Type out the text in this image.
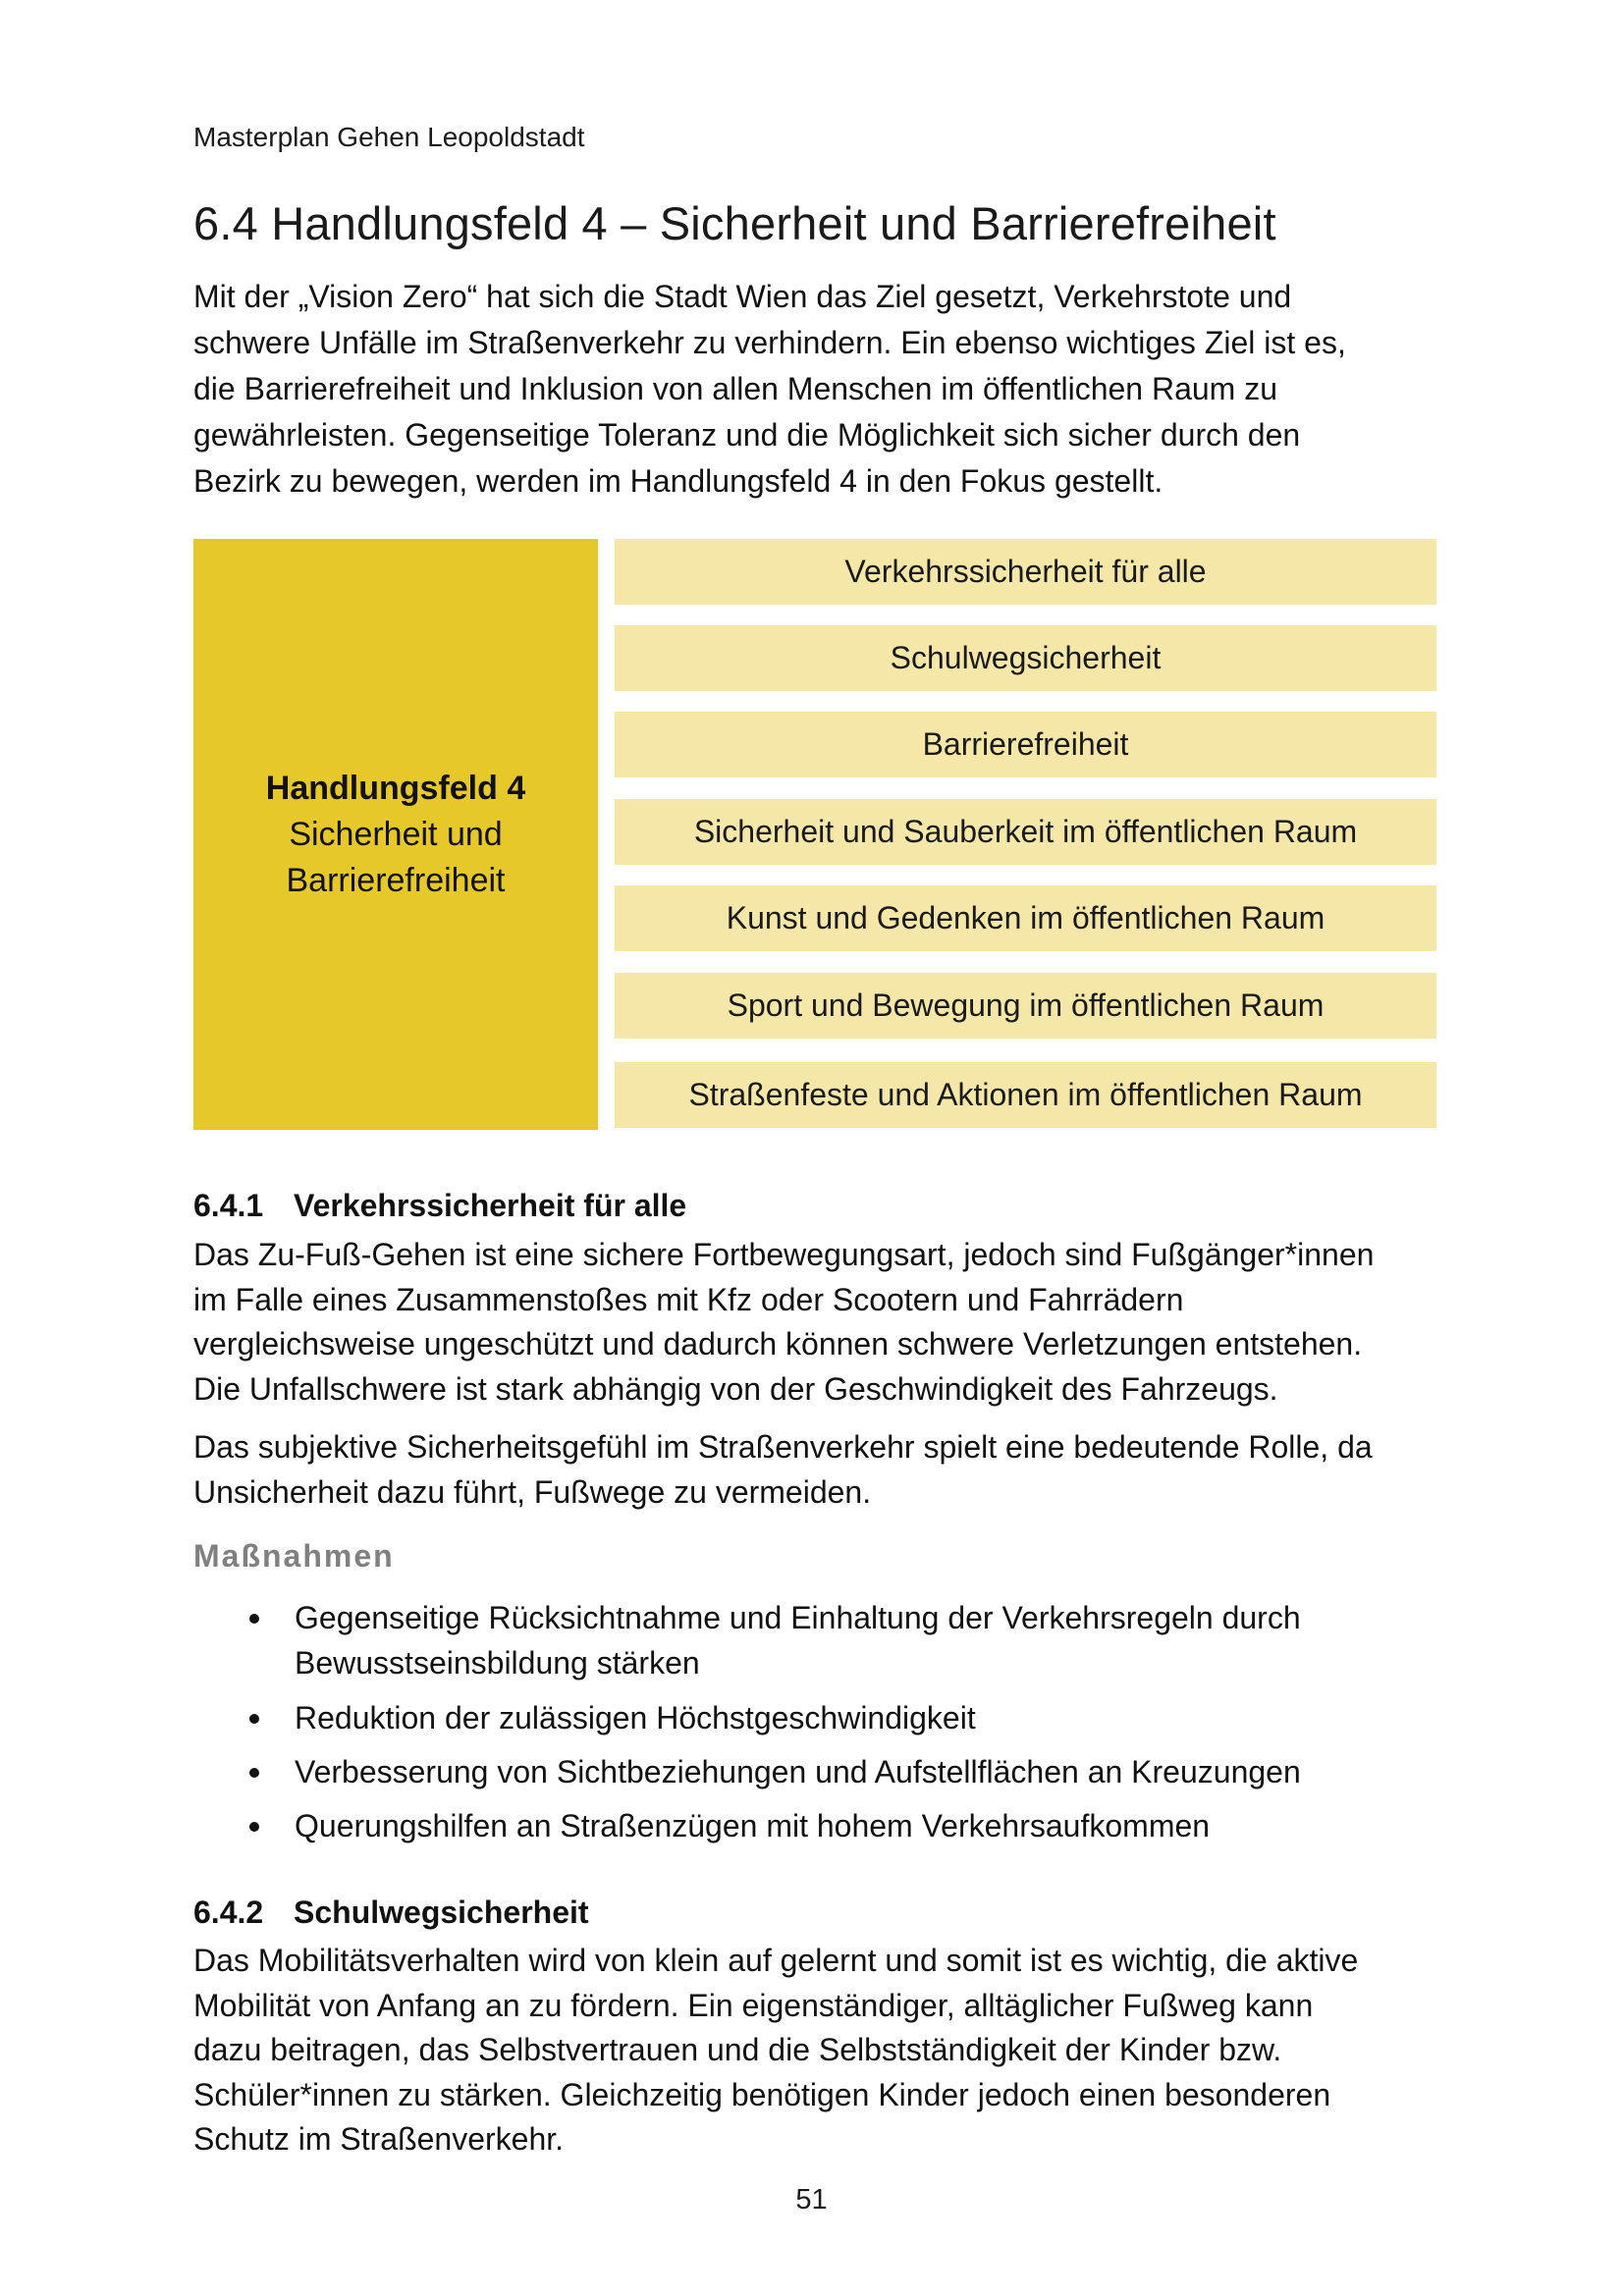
Masterplan Gehen Leopoldstadt
6.4 Handlungsfeld 4 – Sicherheit und Barrierefreiheit

Mit der „Vision Zero“ hat sich die Stadt Wien das Ziel gesetzt, Verkehrstote und
schwere Unfälle im Straßenverkehr zu verhindern. Ein ebenso wichtiges Ziel ist es,
die Barrierefreiheit und Inklusion von allen Menschen im öffentlichen Raum zu
gewährleisten. Gegenseitige Toleranz und die Möglichkeit sich sicher durch den
Bezirk zu bewegen, werden im Handlungsfeld 4 in den Fokus gestellt.

Handlungsfeld 4
Sicherheit und
Barrierefreiheit
Verkehrssicherheit für alle
Schulwegsicherheit
Barrierefreiheit
Sicherheit und Sauberkeit im öffentlichen Raum
Kunst und Gedenken im öffentlichen Raum
Sport und Bewegung im öffentlichen Raum
Straßenfeste und Aktionen im öffentlichen Raum
6.4.1 Verkehrssicherheit für alle

Das Zu-Fuß-Gehen ist eine sichere Fortbewegungsart, jedoch sind Fußgänger*innen
im Falle eines Zusammenstoßes mit Kfz oder Scootern und Fahrrädern
vergleichsweise ungeschützt und dadurch können schwere Verletzungen entstehen.
Die Unfallschwere ist stark abhängig von der Geschwindigkeit des Fahrzeugs.

Das subjektive Sicherheitsgefühl im Straßenverkehr spielt eine bedeutende Rolle, da
Unsicherheit dazu führt, Fußwege zu vermeiden.

Maßnahmen
Gegenseitige Rücksichtnahme und Einhaltung der Verkehrsregeln durch
Bewusstseinsbildung stärken
Reduktion der zulässigen Höchstgeschwindigkeit
Verbesserung von Sichtbeziehungen und Aufstellflächen an Kreuzungen
Querungshilfen an Straßenzügen mit hohem Verkehrsaufkommen
6.4.2 Schulwegsicherheit

Das Mobilitätsverhalten wird von klein auf gelernt und somit ist es wichtig, die aktive
Mobilität von Anfang an zu fördern. Ein eigenständiger, alltäglicher Fußweg kann
dazu beitragen, das Selbstvertrauen und die Selbstständigkeit der Kinder bzw.
Schüler*innen zu stärken. Gleichzeitig benötigen Kinder jedoch einen besonderen
Schutz im Straßenverkehr.

51
